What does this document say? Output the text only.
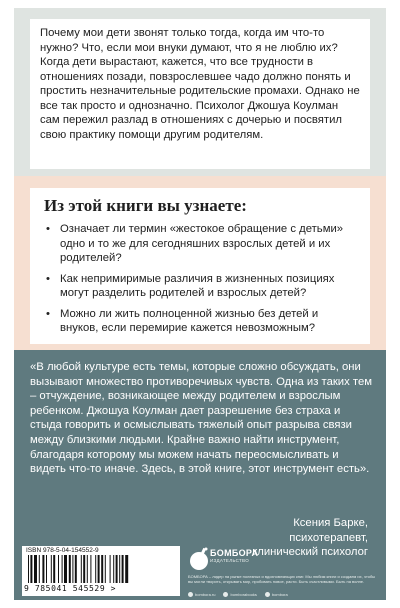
Почему мои дети звонят только тогда, когда им что-то нужно? Что, если мои внуки думают, что я не люблю их? Когда дети вырастают, кажется, что все трудности в отношениях позади, повзрослевшее чадо должно понять и простить незначительные родительские промахи. Однако не все так просто и однозначно. Психолог Джошуа Коулман сам пережил разлад в отношениях с дочерью и посвятил свою практику помощи другим родителям.
Из этой книги вы узнаете:
• Означает ли термин «жестокое обращение с детьми» одно и то же для сегодняшних взрослых детей и их родителей?
• Как непримиримые различия в жизненных позициях могут разделить родителей и взрослых детей?
• Можно ли жить полноценной жизнью без детей и внуков, если перемирие кажется невозможным?
«В любой культуре есть темы, которые сложно обсуждать, они вызывают множество противоречивых чувств. Одна из таких тем – отчуждение, возникающее между родителем и взрослым ребенком. Джошуа Коулман дает разрешение без страха и стыда говорить и осмыслывать тяжелый опыт разрыва связи между близкими людьми. Крайне важно найти инструмент, благодаря которому мы можем начать переосмысливать и видеть что-то иначе. Здесь, в этой книге, этот инструмент есть».
Ксения Барке,
психотерапевт,
клинический психолог
ISBN 978-5-04-154552-9
9 785041 545529 >
БОМБОРА
ИЗДАТЕЛЬСТВО
БОМБОРА – лидер на рынке полезных и вдохновляющих книг. Мы любим книги и создаем их, чтобы вы могли творить, открывать мир, пробовать новое, расти. Быть счастливыми. Быть на волне.
bombora.ru	bomborabooks	bombora
